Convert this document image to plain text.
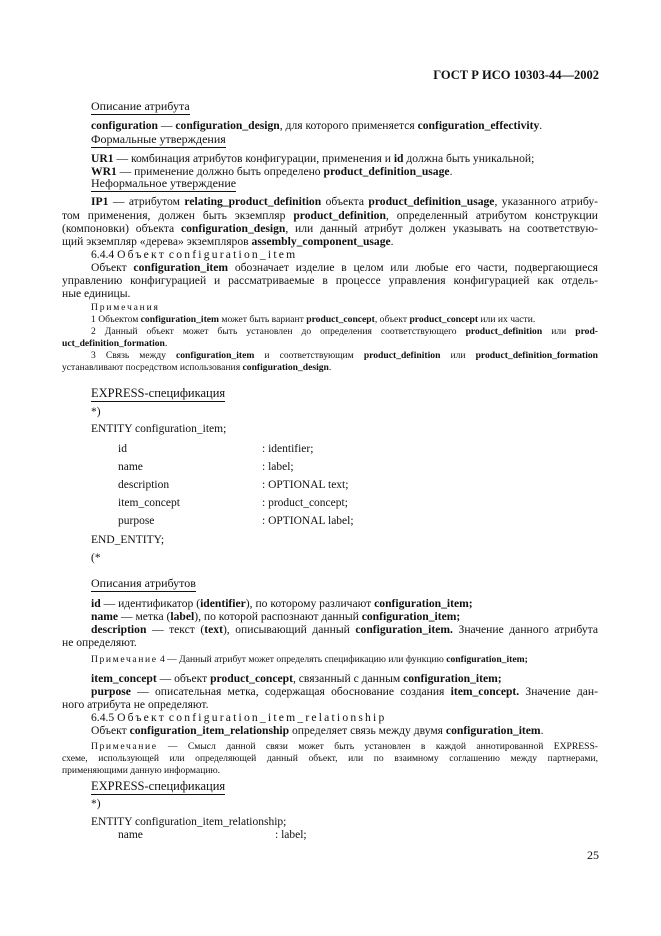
ГОСТ Р ИСО 10303-44—2002
Описание атрибута
configuration — configuration_design, для которого применяется configuration_effectivity.
Формальные утверждения
UR1 — комбинация атрибутов конфигурации, применения и id должна быть уникальной;
WR1 — применение должно быть определено product_definition_usage.
Неформальное утверждение
IP1 — атрибутом relating_product_definition объекта product_definition_usage, указанного атрибу-
том применения, должен быть экземпляр product_definition, определенный атрибутом конструкции
(компоновки) объекта configuration_design, или данный атрибут должен указывать на соответствую-
щий экземпляр «дерева» экземпляров assembly_component_usage.
6.4.4 Объект configuration_item
Объект configuration_item обозначает изделие в целом или любые его части, подвергающиеся
управлению конфигурацией и рассматриваемые в процессе управления конфигурацией как отдель-
ные единицы.
Примечания
1 Объектом configuration_item может быть вариант product_concept, объект product_concept или их части.
2 Данный объект может быть установлен до определения соответствующего product_definition или prod-
uct_definition_formation.
3 Связь между configuration_item и соответствующим product_definition или product_definition_formation
устанавливают посредством использования configuration_design.
EXPRESS-спецификация
*)
ENTITY configuration_item;
id	: identifier;
name	: label;
description	: OPTIONAL text;
item_concept	: product_concept;
purpose	: OPTIONAL label;
END_ENTITY;
(*
Описания атрибутов
id — идентификатор (identifier), по которому различают configuration_item;
name — метка (label), по которой распознают данный configuration_item;
description — текст (text), описывающий данный configuration_item. Значение данного атрибута
не определяют.
Примечание 4 — Данный атрибут может определять спецификацию или функцию configuration_item;
item_concept — объект product_concept, связанный с данным configuration_item;
purpose — описательная метка, содержащая обоснование создания item_concept. Значение дан-
ного атрибута не определяют.
6.4.5 Объект configuration_item_relationship
Объект configuration_item_relationship определяет связь между двумя configuration_item.
Примечание — Смысл данной связи может быть установлен в каждой аннотированной EXPRESS-
схеме, использующей или определяющей данный объект, или по взаимному соглашению между партнерами,
применяющими данную информацию.
EXPRESS-спецификация
*)
ENTITY configuration_item_relationship;
name	: label;
25
